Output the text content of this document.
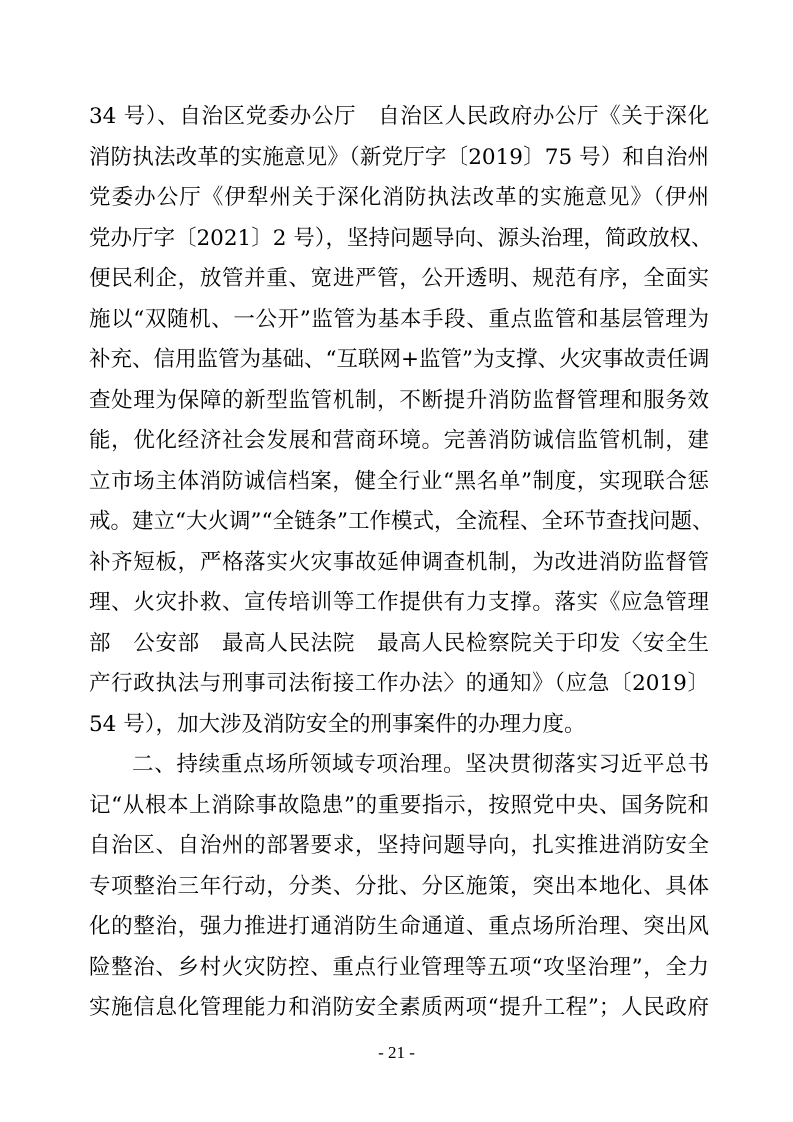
34 号）、自治区党委办公厅　自治区人民政府办公厅《关于深化
消防执法改革的实施意见》（新党厅字〔2019〕75 号）和自治州
党委办公厅《伊犁州关于深化消防执法改革的实施意见》（伊州
党办厅字〔2021〕2 号），坚持问题导向、源头治理，简政放权、
便民利企，放管并重、宽进严管，公开透明、规范有序，全面实
施以“双随机、一公开”监管为基本手段、重点监管和基层管理为
补充、信用监管为基础、“互联网+监管”为支撑、火灾事故责任调
查处理为保障的新型监管机制，不断提升消防监督管理和服务效
能，优化经济社会发展和营商环境。完善消防诚信监管机制，建
立市场主体消防诚信档案，健全行业“黑名单”制度，实现联合惩
戒。建立“大火调”“全链条”工作模式，全流程、全环节查找问题、
补齐短板，严格落实火灾事故延伸调查机制，为改进消防监督管
理、火灾扑救、宣传培训等工作提供有力支撑。落实《应急管理
部　公安部　最高人民法院　最高人民检察院关于印发〈安全生
产行政执法与刑事司法衔接工作办法〉的通知》（应急〔2019〕
54 号），加大涉及消防安全的刑事案件的办理力度。
二、持续重点场所领域专项治理。坚决贯彻落实习近平总书
记“从根本上消除事故隐患”的重要指示，按照党中央、国务院和
自治区、自治州的部署要求，坚持问题导向，扎实推进消防安全
专项整治三年行动，分类、分批、分区施策，突出本地化、具体
化的整治，强力推进打通消防生命通道、重点场所治理、突出风
险整治、乡村火灾防控、重点行业管理等五项“攻坚治理”，全力
实施信息化管理能力和消防安全素质两项“提升工程”；人民政府
- 21 -
